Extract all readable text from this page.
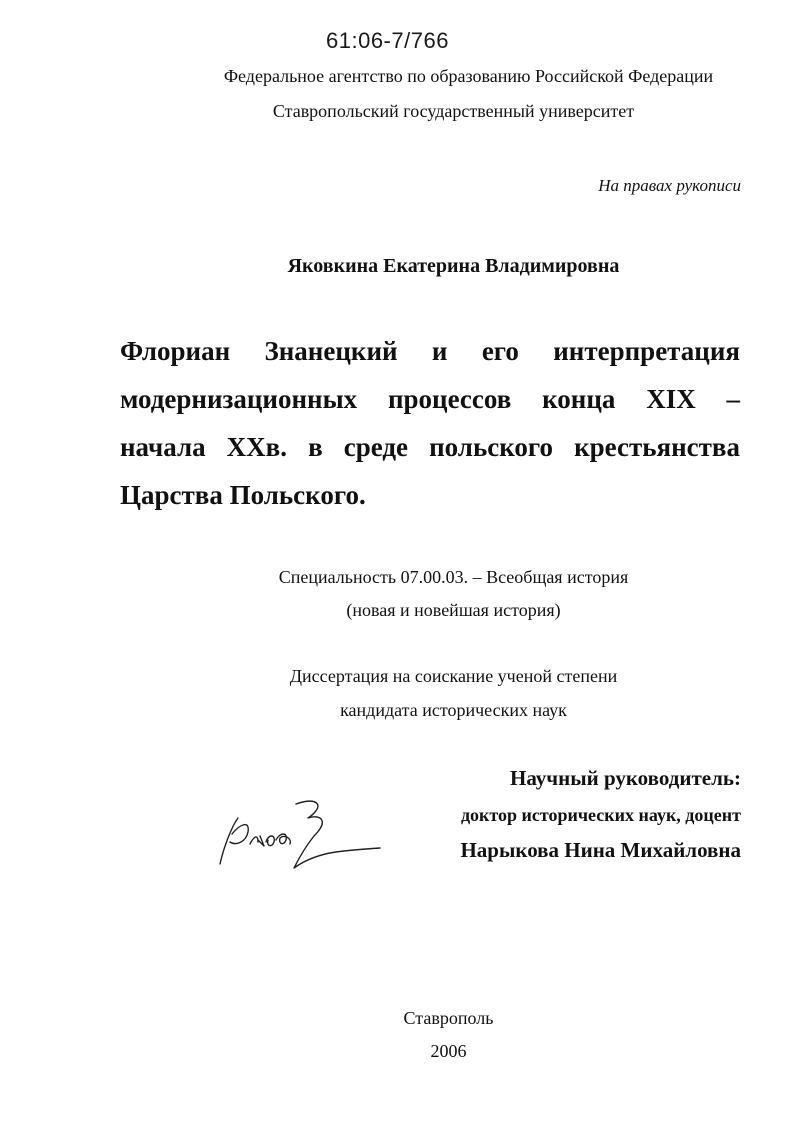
61:06-7/766
Федеральное агентство по образованию Российской Федерации
Ставропольский государственный университет
На правах рукописи
Яковкина Екатерина Владимировна
Флориан Знанецкий и его интерпретация
модернизационных процессов конца XIX –
начала XXв. в среде польского крестьянства
Царства Польского.
Специальность 07.00.03. – Всеобщая история
(новая и новейшая история)
Диссертация на соискание ученой степени
кандидата исторических наук
Научный руководитель:
доктор исторических наук, доцент
Нарыкова Нина Михайловна
Ставрополь
2006
